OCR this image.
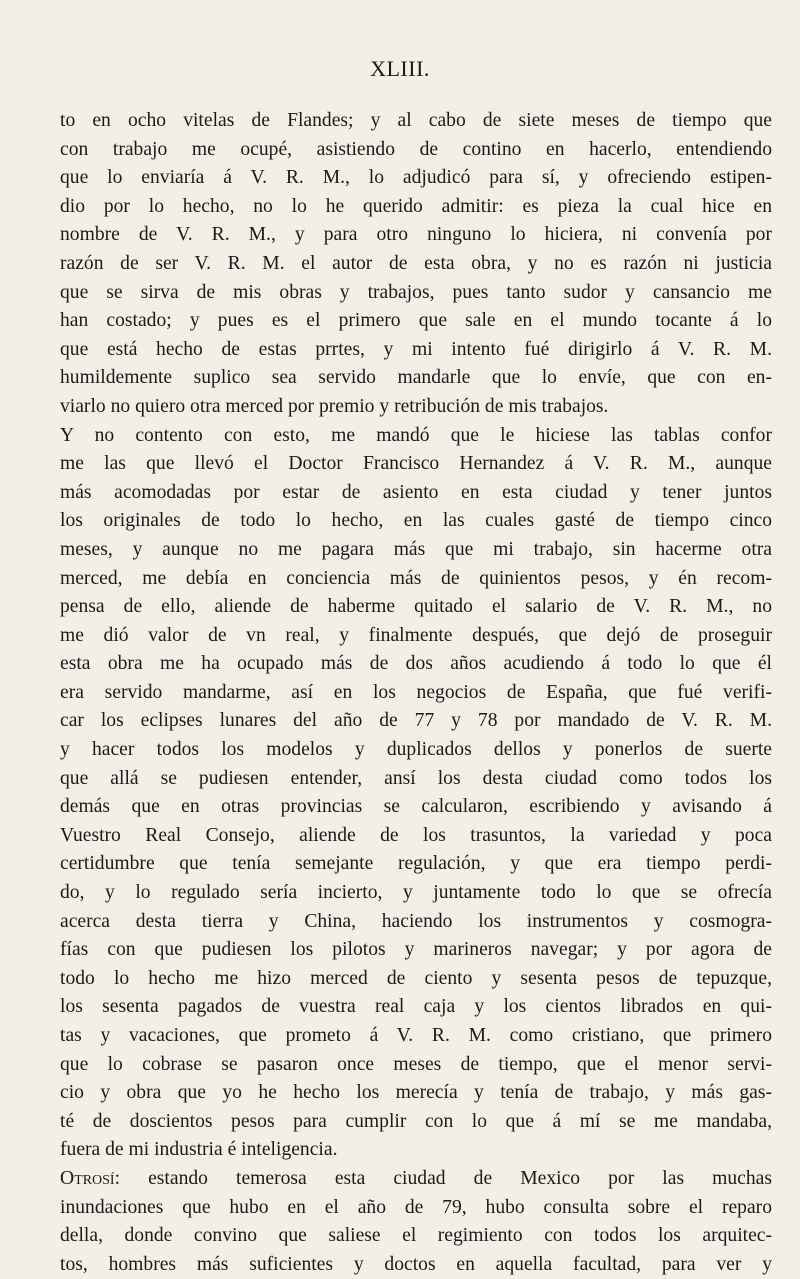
XLIII.
to en ocho vitelas de Flandes; y al cabo de siete meses de tiempo que
con trabajo me ocupé, asistiendo de contino en hacerlo, entendiendo
que lo enviaría á V. R. M., lo adjudicó para sí, y ofreciendo estipen-
dio por lo hecho, no lo he querido admitir: es pieza la cual hice en
nombre de V. R. M., y para otro ninguno lo hiciera, ni convenía por
razón de ser V. R. M. el autor de esta obra, y no es razón ni justicia
que se sirva de mis obras y trabajos, pues tanto sudor y cansancio me
han costado; y pues es el primero que sale en el mundo tocante á lo
que está hecho de estas prrtes, y mi intento fué dirigirlo á V. R. M.
humildemente suplico sea servido mandarle que lo envíe, que con en-
viarlo no quiero otra merced por premio y retribución de mis trabajos.
Y no contento con esto, me mandó que le hiciese las tablas confor
me las que llevó el Doctor Francisco Hernandez á V. R. M., aunque
más acomodadas por estar de asiento en esta ciudad y tener juntos
los originales de todo lo hecho, en las cuales gasté de tiempo cinco
meses, y aunque no me pagara más que mi trabajo, sin hacerme otra
merced, me debía en conciencia más de quinientos pesos, y én recom-
pensa de ello, aliende de haberme quitado el salario de V. R. M., no
me dió valor de vn real, y finalmente después, que dejó de proseguir
esta obra me ha ocupado más de dos años acudiendo á todo lo que él
era servido mandarme, así en los negocios de España, que fué verifi-
car los eclipses lunares del año de 77 y 78 por mandado de V. R. M.
y hacer todos los modelos y duplicados dellos y ponerlos de suerte
que allá se pudiesen entender, ansí los desta ciudad como todos los
demás que en otras provincias se calcularon, escribiendo y avisando á
Vuestro Real Consejo, aliende de los trasuntos, la variedad y poca
certidumbre que tenía semejante regulación, y que era tiempo perdi-
do, y lo regulado sería incierto, y juntamente todo lo que se ofrecía
acerca desta tierra y China, haciendo los instrumentos y cosmogra-
fías con que pudiesen los pilotos y marineros navegar; y por agora de
todo lo hecho me hizo merced de ciento y sesenta pesos de tepuzque,
los sesenta pagados de vuestra real caja y los cientos librados en qui-
tas y vacaciones, que prometo á V. R. M. como cristiano, que primero
que lo cobrase se pasaron once meses de tiempo, que el menor servi-
cio y obra que yo he hecho los merecía y tenía de trabajo, y más gas-
té de doscientos pesos para cumplir con lo que á mí se me mandaba,
fuera de mi industria é inteligencia.
Otrosí: estando temerosa esta ciudad de Mexico por las muchas
inundaciones que hubo en el año de 79, hubo consulta sobre el reparo
della, donde convino que saliese el regimiento con todos los arquitec-
tos, hombres más suficientes y doctos en aquella facultad, para ver y
